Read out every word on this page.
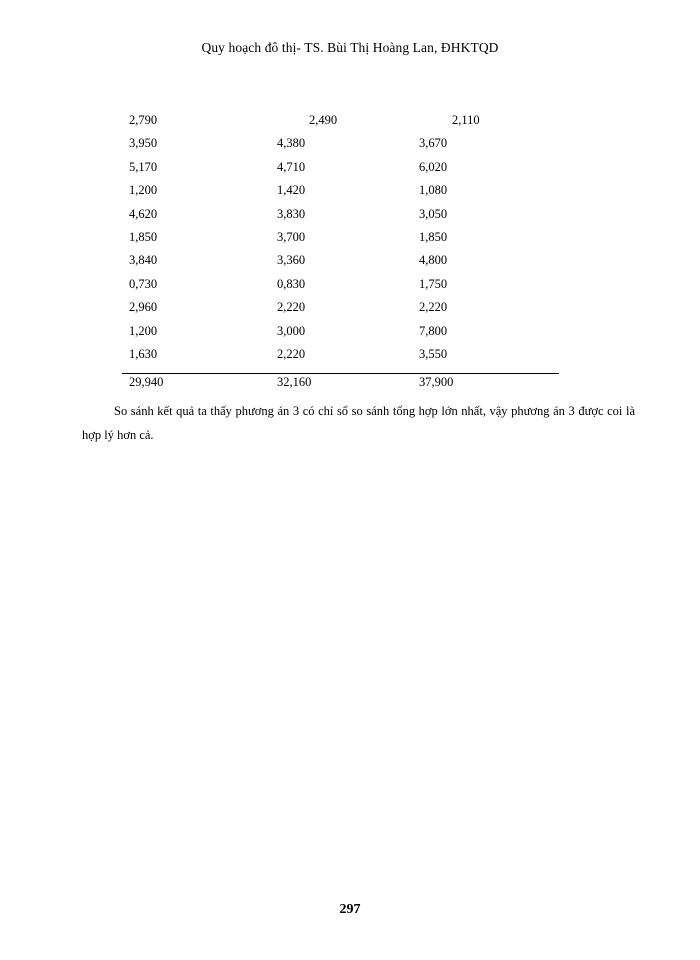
Quy hoạch đô thị- TS. Bùi Thị Hoàng Lan, ĐHKTQD
2,790	2,490	2,110
3,950	4,380	3,670
5,170	4,710	6,020
1,200	1,420	1,080
4,620	3,830	3,050
1,850	3,700	1,850
3,840	3,360	4,800
0,730	0,830	1,750
2,960	2,220	2,220
1,200	3,000	7,800
1,630	2,220	3,550
29,940	32,160	37,900
So sánh kết quả ta thấy phương án 3 có chỉ số so sánh tổng hợp lớn nhất, vậy phương án 3 được coi là hợp lý hơn cả.
297
